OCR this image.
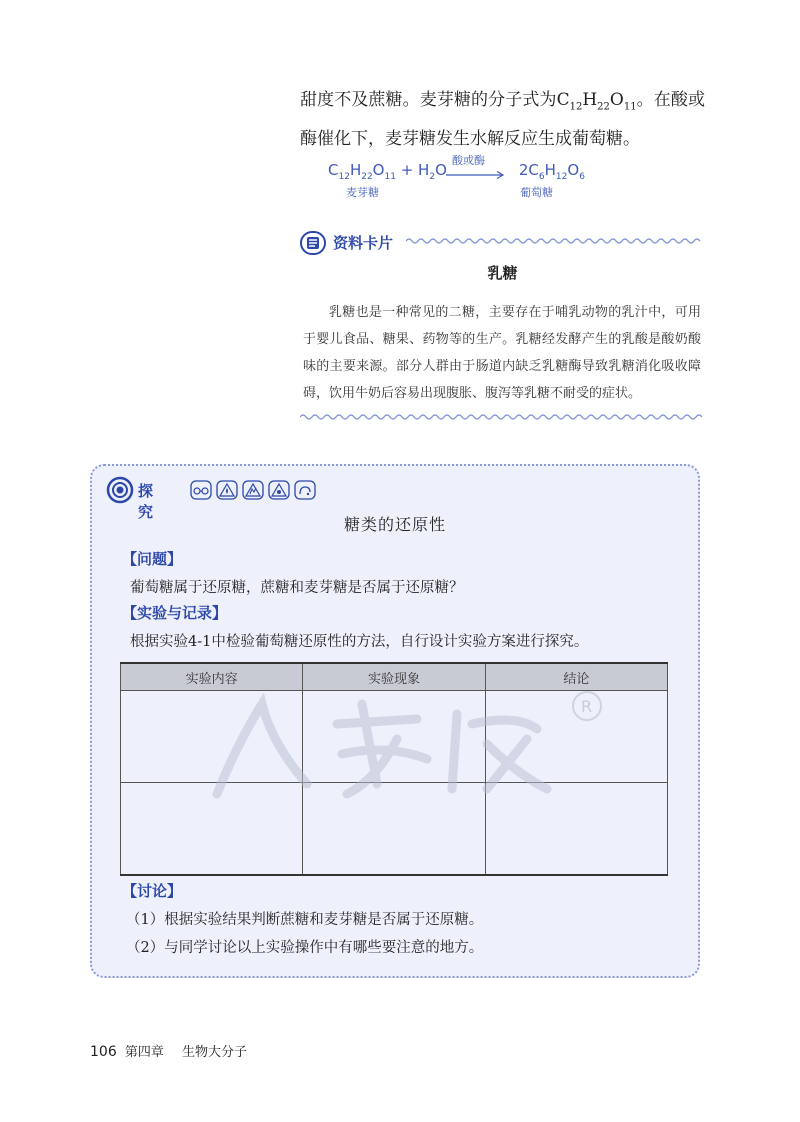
甜度不及蔗糖。麦芽糖的分子式为$C_{12}H_{22}O_{11}$。在酸或酶催化下，麦芽糖发生水解反应生成葡萄糖。

$C_{12}H_{22}O_{11} + H_2O$	$2C_6H_{12}O_6$
酸或酶
麦芽糖	葡萄糖
资料卡片
乳糖

乳糖也是一种常见的二糖，主要存在于哺乳动物的乳汁中，可用于婴儿食品、糖果、药物等的生产。乳糖经发酵产生的乳酸是酸奶酸味的主要来源。部分人群由于肠道内缺乏乳糖酶导致乳糖消化吸收障碍，饮用牛奶后容易出现腹胀、腹泻等乳糖不耐受的症状。

探究
糖类的还原性
【问题】
葡萄糖属于还原糖，蔗糖和麦芽糖是否属于还原糖？
【实验与记录】
根据实验4-1中检验葡萄糖还原性的方法，自行设计实验方案进行探究。
实验内容	实验现象	结论

R
【讨论】
（1）根据实验结果判断蔗糖和麦芽糖是否属于还原糖。
（2）与同学讨论以上实验操作中有哪些要注意的地方。
106 第四章 生物大分子
